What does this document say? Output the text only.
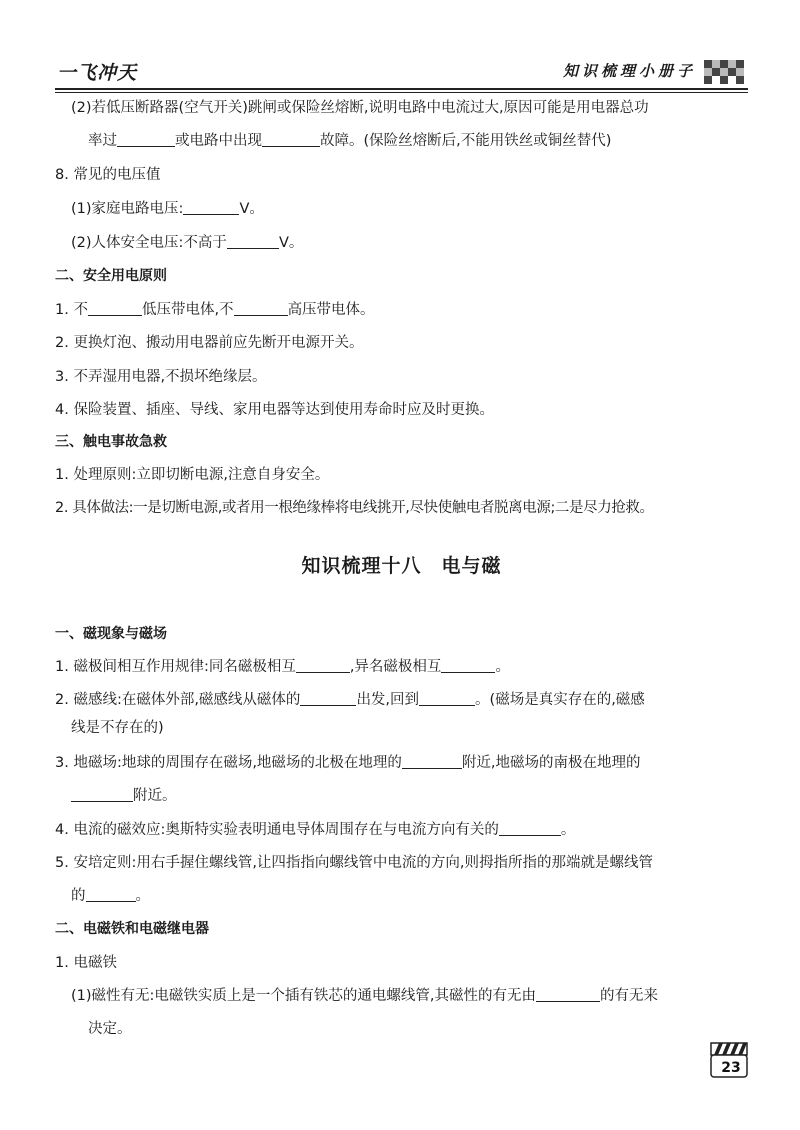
一飞冲天	知识梳理小册子
(2)若低压断路器(空气开关)跳闸或保险丝熔断,说明电路中电流过大,原因可能是用电器总功
率过	或电路中出现	故障。(保险丝熔断后,不能用铁丝或铜丝替代)
8. 常见的电压值
(1)家庭电路电压:	V。
(2)人体安全电压:不高于	V。
二、安全用电原则
1. 不	低压带电体,不	高压带电体。
2. 更换灯泡、搬动用电器前应先断开电源开关。
3. 不弄湿用电器,不损坏绝缘层。
4. 保险装置、插座、导线、家用电器等达到使用寿命时应及时更换。
三、触电事故急救
1. 处理原则:立即切断电源,注意自身安全。
2. 具体做法:一是切断电源,或者用一根绝缘棒将电线挑开,尽快使触电者脱离电源;二是尽力抢救。
知识梳理十八　电与磁
一、磁现象与磁场
1. 磁极间相互作用规律:同名磁极相互	,异名磁极相互	。
2. 磁感线:在磁体外部,磁感线从磁体的	出发,回到	。(磁场是真实存在的,磁感
线是不存在的)
3. 地磁场:地球的周围存在磁场,地磁场的北极在地理的	附近,地磁场的南极在地理的
附近。
4. 电流的磁效应:奥斯特实验表明通电导体周围存在与电流方向有关的	。
5. 安培定则:用右手握住螺线管,让四指指向螺线管中电流的方向,则拇指所指的那端就是螺线管
的	。
二、电磁铁和电磁继电器
1. 电磁铁
(1)磁性有无:电磁铁实质上是一个插有铁芯的通电螺线管,其磁性的有无由	的有无来
决定。
23
